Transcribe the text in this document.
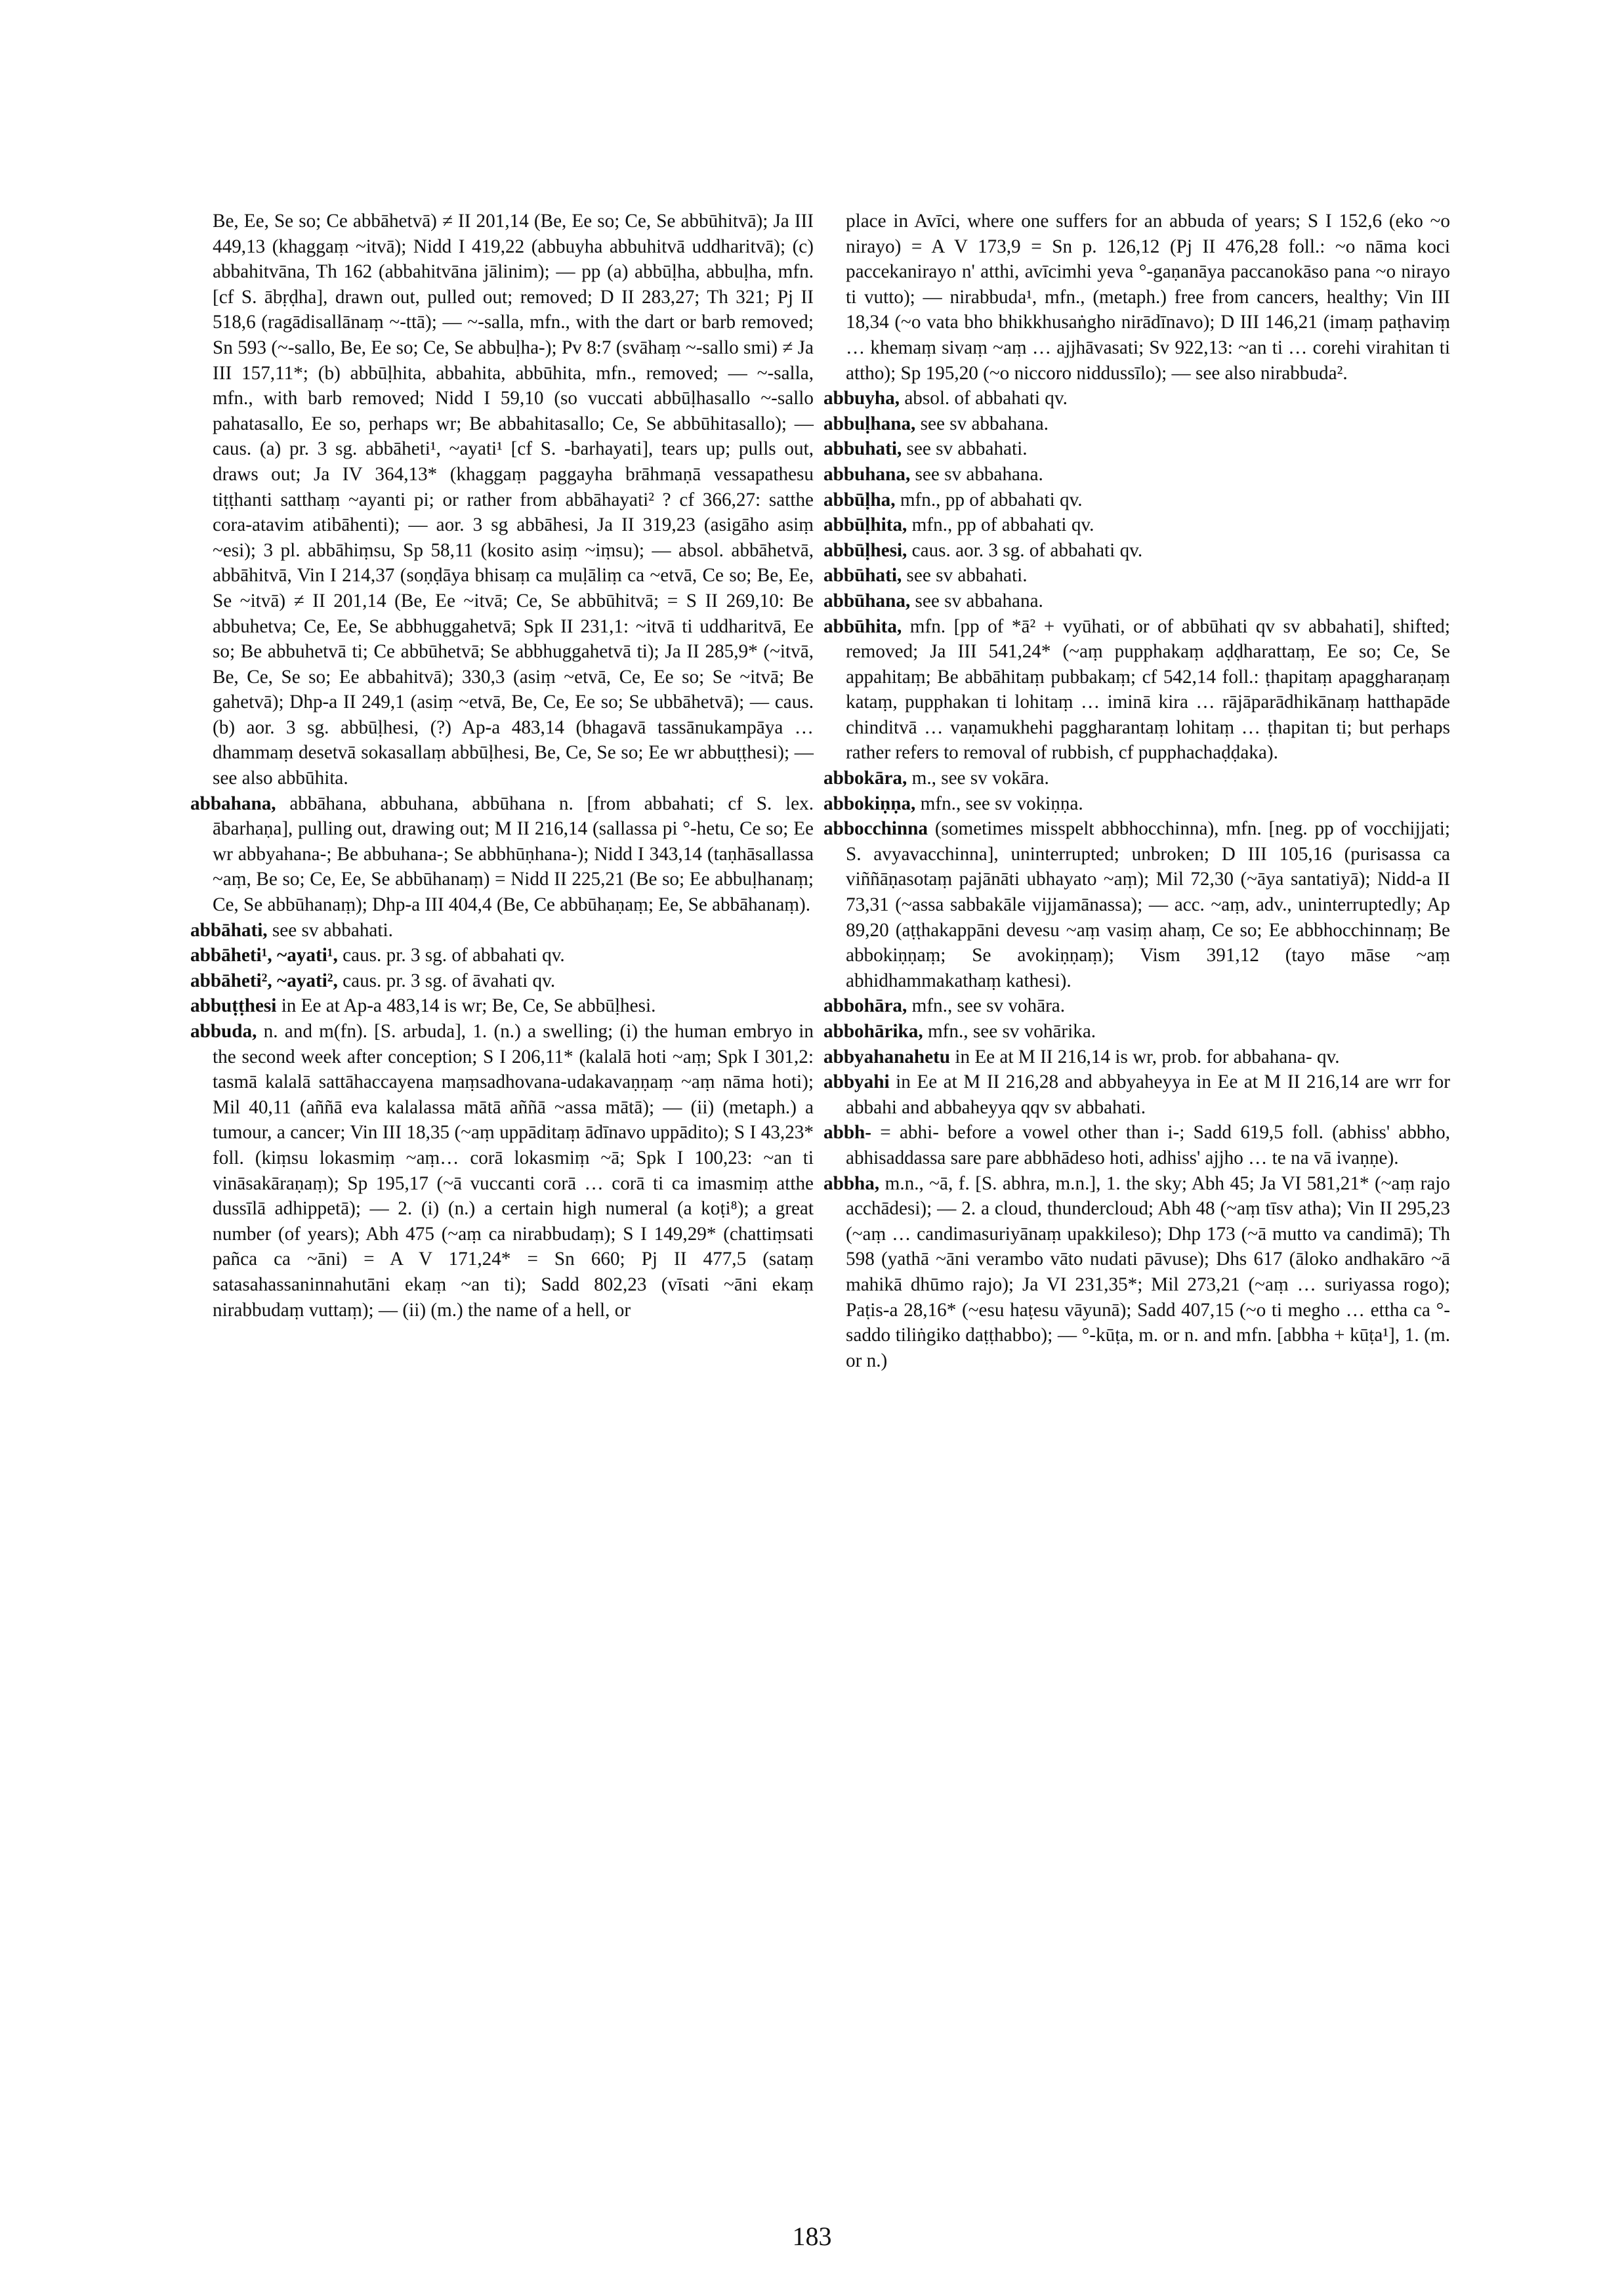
Be, Ee, Se so; Ce abbāhetvā) ≠ II 201,14 (Be, Ee so; Ce, Se abbūhitvā); Ja III 449,13 (khaggaṃ ~itvā); Nidd I 419,22 (abbuyha abbuhitvā uddharitvā); (c) abbahitvāna, Th 162 (abbahitvāna jālinim); — pp (a) abbūḷha, abbuḷha, mfn. [cf S. ābṛḍha], drawn out, pulled out; removed; D II 283,27; Th 321; Pj II 518,6 (ragādisallānaṃ ~-ttā); — ~-salla, mfn., with the dart or barb removed; Sn 593 (~-sallo, Be, Ee so; Ce, Se abbuḷha-); Pv 8:7 (svāhaṃ ~-sallo smi) ≠ Ja III 157,11*; (b) abbūḷhita, abbahita, abbūhita, mfn., removed; — ~-salla, mfn., with barb removed; Nidd I 59,10 (so vuccati abbūḷhasallo ~-sallo pahatasallo, Ee so, perhaps wr; Be abbahitasallo; Ce, Se abbūhitasallo); — caus. (a) pr. 3 sg. abbāheti¹, ~ayati¹ [cf S. -barhayati], tears up; pulls out, draws out; Ja IV 364,13* (khaggaṃ paggayha brāhmaṇā vessapathesu tiṭṭhanti satthaṃ ~ayanti pi; or rather from abbāhayati² ? cf 366,27: satthe cora-atavim atibāhenti); — aor. 3 sg abbāhesi, Ja II 319,23 (asigāho asiṃ ~esi); 3 pl. abbāhiṃsu, Sp 58,11 (kosito asiṃ ~iṃsu); — absol. abbāhetvā, abbāhitvā, Vin I 214,37 (soṇḍāya bhisaṃ ca muḷāliṃ ca ~etvā, Ce so; Be, Ee, Se ~itvā) ≠ II 201,14 (Be, Ee ~itvā; Ce, Se abbūhitvā; = S II 269,10: Be abbuhetva; Ce, Ee, Se abbhuggahetvā; Spk II 231,1: ~itvā ti uddharitvā, Ee so; Be abbuhetvā ti; Ce abbūhetvā; Se abbhuggahetvā ti); Ja II 285,9* (~itvā, Be, Ce, Se so; Ee abbahitvā); 330,3 (asiṃ ~etvā, Ce, Ee so; Se ~itvā; Be gahetvā); Dhp-a II 249,1 (asiṃ ~etvā, Be, Ce, Ee so; Se ubbāhetvā); — caus. (b) aor. 3 sg. abbūḷhesi, (?) Ap-a 483,14 (bhagavā tassānukampāya … dhammaṃ desetvā sokasallaṃ abbūḷhesi, Be, Ce, Se so; Ee wr abbuṭṭhesi); — see also abbūhita.

abbahana, abbāhana, abbuhana, abbūhana n. [from abbahati; cf S. lex. ābarhaṇa], pulling out, drawing out; M II 216,14 (sallassa pi °-hetu, Ce so; Ee wr abbyahana-; Be abbuhana-; Se abbhūṇhana-); Nidd I 343,14 (taṇhāsallassa ~aṃ, Be so; Ce, Ee, Se abbūhanaṃ) = Nidd II 225,21 (Be so; Ee abbuḷhanaṃ; Ce, Se abbūhanaṃ); Dhp-a III 404,4 (Be, Ce abbūhaṇaṃ; Ee, Se abbāhanaṃ).

abbāhati, see sv abbahati.

abbāheti¹, ~ayati¹, caus. pr. 3 sg. of abbahati qv.

abbāheti², ~ayati², caus. pr. 3 sg. of āvahati qv.

abbuṭṭhesi in Ee at Ap-a 483,14 is wr; Be, Ce, Se abbūḷhesi.

abbuda, n. and m(fn). [S. arbuda], 1. (n.) a swelling; (i) the human embryo in the second week after conception; S I 206,11* (kalalā hoti ~aṃ; Spk I 301,2: tasmā kalalā sattāhaccayena maṃsadhovana-udakavaṇṇaṃ ~aṃ nāma hoti); Mil 40,11 (aññā eva kalalassa mātā aññā ~assa mātā); — (ii) (metaph.) a tumour, a cancer; Vin III 18,35 (~aṃ uppāditaṃ ādīnavo uppādito); S I 43,23* foll. (kiṃsu lokasmiṃ ~aṃ… corā lokasmiṃ ~ā; Spk I 100,23: ~an ti vināsakāraṇaṃ); Sp 195,17 (~ā vuccanti corā … corā ti ca imasmiṃ atthe dussīlā adhippetā); — 2. (i) (n.) a certain high numeral (a koṭi⁸); a great number (of years); Abh 475 (~aṃ ca nirabbudaṃ); S I 149,29* (chattiṃsati pañca ca ~āni) = A V 171,24* = Sn 660; Pj II 477,5 (sataṃ satasahassaninnahutāni ekaṃ ~an ti); Sadd 802,23 (vīsati ~āni ekaṃ nirabbudaṃ vuttaṃ); — (ii) (m.) the name of a hell, or

place in Avīci, where one suffers for an abbuda of years; S I 152,6 (eko ~o nirayo) = A V 173,9 = Sn p. 126,12 (Pj II 476,28 foll.: ~o nāma koci paccekanirayo n' atthi, avīcimhi yeva °-gaṇanāya paccanokāso pana ~o nirayo ti vutto); — nirabbuda¹, mfn., (metaph.) free from cancers, healthy; Vin III 18,34 (~o vata bho bhikkhusaṅgho nirādīnavo); D III 146,21 (imaṃ paṭhaviṃ … khemaṃ sivaṃ ~aṃ … ajjhāvasati; Sv 922,13: ~an ti … corehi virahitan ti attho); Sp 195,20 (~o niccoro niddussīlo); — see also nirabbuda².

abbuyha, absol. of abbahati qv.

abbuḷhana, see sv abbahana.

abbuhati, see sv abbahati.

abbuhana, see sv abbahana.

abbūḷha, mfn., pp of abbahati qv.

abbūḷhita, mfn., pp of abbahati qv.

abbūḷhesi, caus. aor. 3 sg. of abbahati qv.

abbūhati, see sv abbahati.

abbūhana, see sv abbahana.

abbūhita, mfn. [pp of *ā² + vyūhati, or of abbūhati qv sv abbahati], shifted; removed; Ja III 541,24* (~aṃ pupphakaṃ aḍḍharattaṃ, Ee so; Ce, Se appahitaṃ; Be abbāhitaṃ pubbakaṃ; cf 542,14 foll.: ṭhapitaṃ apaggharaṇaṃ kataṃ, pupphakan ti lohitaṃ … iminā kira … rājāparādhikānaṃ hatthapāde chinditvā … vaṇamukhehi paggharantaṃ lohitaṃ … ṭhapitan ti; but perhaps rather refers to removal of rubbish, cf pupphachaḍḍaka).

abbokāra, m., see sv vokāra.

abbokiṇṇa, mfn., see sv vokiṇṇa.

abbocchinna (sometimes misspelt abbhocchinna), mfn. [neg. pp of vocchijjati; S. avyavacchinna], uninterrupted; unbroken; D III 105,16 (purisassa ca viññāṇasotaṃ pajānāti ubhayato ~aṃ); Mil 72,30 (~āya santatiyā); Nidd-a II 73,31 (~assa sabbakāle vijjamānassa); — acc. ~aṃ, adv., uninterruptedly; Ap 89,20 (aṭṭhakappāni devesu ~aṃ vasiṃ ahaṃ, Ce so; Ee abbhocchinnaṃ; Be abbokiṇṇaṃ; Se avokiṇṇaṃ); Vism 391,12 (tayo māse ~aṃ abhidhammakathaṃ kathesi).

abbohāra, mfn., see sv vohāra.

abbohārika, mfn., see sv vohārika.

abbyahanahetu in Ee at M II 216,14 is wr, prob. for abbahana- qv.

abbyahi in Ee at M II 216,28 and abbyaheyya in Ee at M II 216,14 are wrr for abbahi and abbaheyya qqv sv abbahati.

abbh- = abhi- before a vowel other than i-; Sadd 619,5 foll. (abhiss' abbho, abhisaddassa sare pare abbhādeso hoti, adhiss' ajjho … te na vā ivaṇṇe).

abbha, m.n., ~ā, f. [S. abhra, m.n.], 1. the sky; Abh 45; Ja VI 581,21* (~aṃ rajo acchādesi); — 2. a cloud, thundercloud; Abh 48 (~aṃ tīsv atha); Vin II 295,23 (~aṃ … candimasuriyānaṃ upakkileso); Dhp 173 (~ā mutto va candimā); Th 598 (yathā ~āni verambo vāto nudati pāvuse); Dhs 617 (āloko andhakāro ~ā mahikā dhūmo rajo); Ja VI 231,35*; Mil 273,21 (~aṃ … suriyassa rogo); Paṭis-a 28,16* (~esu haṭesu vāyunā); Sadd 407,15 (~o ti megho … ettha ca °-saddo tiliṅgiko daṭṭhabbo); — °-kūṭa, m. or n. and mfn. [abbha + kūṭa¹], 1. (m. or n.)

183
